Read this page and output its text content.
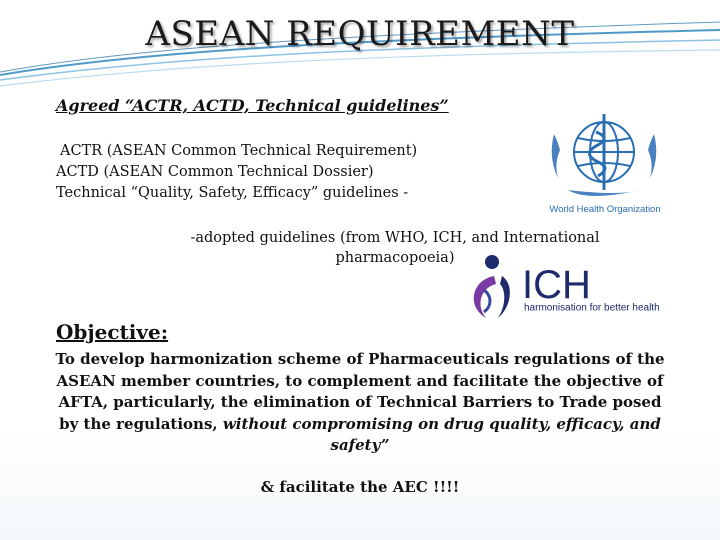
ASEAN REQUIREMENT

Agreed “ACTR, ACTD, Technical guidelines”

ACTR (ASEAN Common Technical Requirement)
ACTD (ASEAN Common Technical Dossier)
Technical “Quality, Safety, Efficacy” guidelines -
-adopted guidelines (from WHO, ICH, and International pharmacopoeia)
World Health Organization
ICH
harmonisation for better health

Objective:

To develop harmonization scheme of Pharmaceuticals regulations of the ASEAN member countries, to complement and facilitate the objective of AFTA, particularly, the elimination of Technical Barriers to Trade posed by the regulations, without compromising on drug quality, efficacy, and safety”
& facilitate the AEC !!!!
